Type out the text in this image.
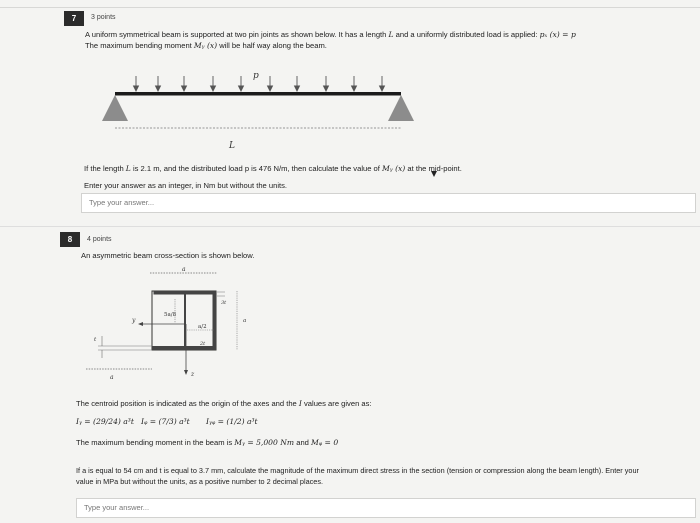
7	3 points
A uniform symmetrical beam is supported at two pin joints as shown below. It has a length L and a uniformly distributed load is applied: pₓ (x) = p
The maximum bending moment Mᵧ (x) will be half way along the beam.
p
L
If the length L is 2.1 m, and the distributed load p is 476 N/m, then calculate the value of Mᵧ (x) at the mid-point.
Enter your answer as an integer, in Nm but without the units.
Type your answer...
8	4 points
An asymmetric beam cross-section is shown below.
a
5a/8
3t
a/2
2t
a
y
z
t
a
The centroid position is indicated as the origin of the axes and the I values are given as:
Iᵧ = (29/24) a³t Iᵩ = (7/3) a³t Iᵧᵩ = (1/2) a³t
The maximum bending moment in the beam is Mᵧ = 5,000 Nm and Mᵩ = 0
If a is equal to 54 cm and t is equal to 3.7 mm, calculate the magnitude of the maximum direct stress in the section (tension or compression along the beam length). Enter your
value in MPa but without the units, as a positive number to 2 decimal places.
Type your answer...
